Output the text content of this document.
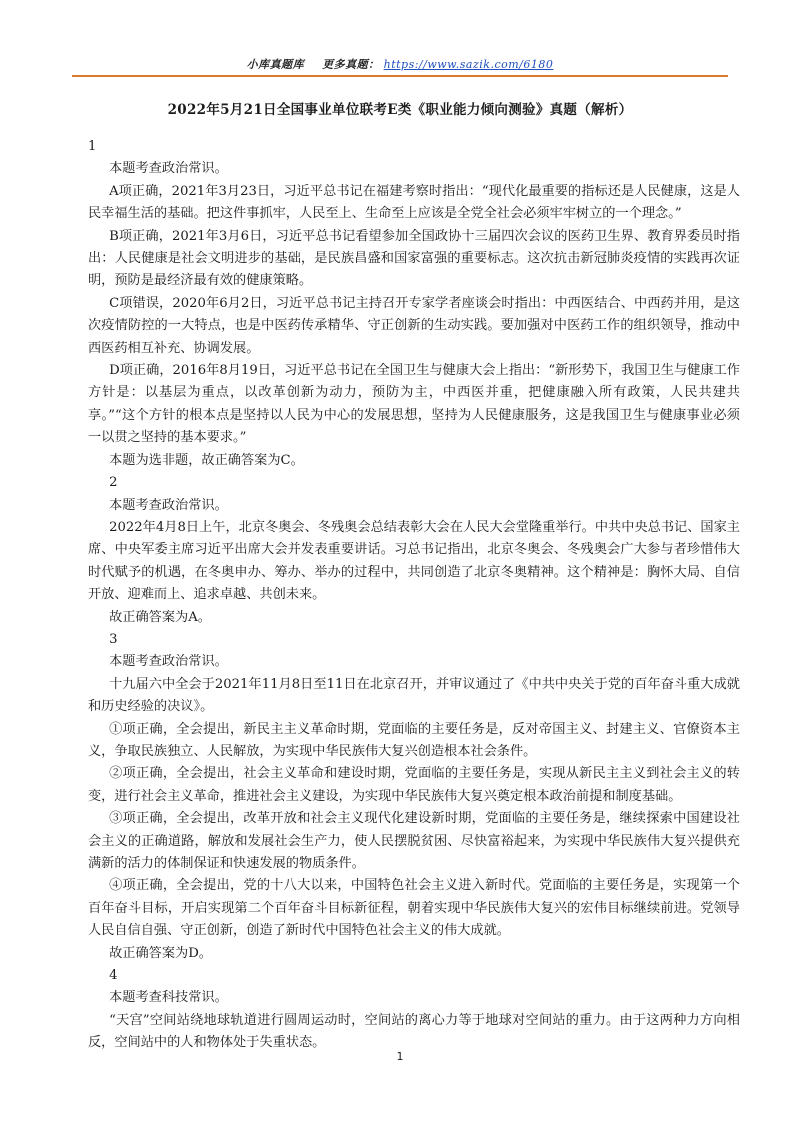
小库真题库 更多真题： https://www.sazik.com/6180
2022年5月21日全国事业单位联考E类《职业能力倾向测验》真题（解析）

1

本题考查政治常识。

A项正确，2021年3月23日，习近平总书记在福建考察时指出：“现代化最重要的指标还是人民健康，这是人民幸福生活的基础。把这件事抓牢，人民至上、生命至上应该是全党全社会必须牢牢树立的一个理念。”

B项正确，2021年3月6日，习近平总书记看望参加全国政协十三届四次会议的医药卫生界、教育界委员时指出：人民健康是社会文明进步的基础，是民族昌盛和国家富强的重要标志。这次抗击新冠肺炎疫情的实践再次证明，预防是最经济最有效的健康策略。

C项错误，2020年6月2日，习近平总书记主持召开专家学者座谈会时指出：中西医结合、中西药并用，是这次疫情防控的一大特点，也是中医药传承精华、守正创新的生动实践。要加强对中医药工作的组织领导，推动中西医药相互补充、协调发展。

D项正确，2016年8月19日，习近平总书记在全国卫生与健康大会上指出：“新形势下，我国卫生与健康工作方针是：以基层为重点，以改革创新为动力，预防为主，中西医并重，把健康融入所有政策，人民共建共享。”“这个方针的根本点是坚持以人民为中心的发展思想，坚持为人民健康服务，这是我国卫生与健康事业必须一以贯之坚持的基本要求。”

本题为选非题，故正确答案为C。

2

本题考查政治常识。

2022年4月8日上午，北京冬奥会、冬残奥会总结表彰大会在人民大会堂隆重举行。中共中央总书记、国家主席、中央军委主席习近平出席大会并发表重要讲话。习总书记指出，北京冬奥会、冬残奥会广大参与者珍惜伟大时代赋予的机遇，在冬奥申办、筹办、举办的过程中，共同创造了北京冬奥精神。这个精神是：胸怀大局、自信开放、迎难而上、追求卓越、共创未来。

故正确答案为A。

3

本题考查政治常识。

十九届六中全会于2021年11月8日至11日在北京召开，并审议通过了《中共中央关于党的百年奋斗重大成就和历史经验的决议》。

①项正确，全会提出，新民主主义革命时期，党面临的主要任务是，反对帝国主义、封建主义、官僚资本主义，争取民族独立、人民解放，为实现中华民族伟大复兴创造根本社会条件。

②项正确，全会提出，社会主义革命和建设时期，党面临的主要任务是，实现从新民主主义到社会主义的转变，进行社会主义革命，推进社会主义建设，为实现中华民族伟大复兴奠定根本政治前提和制度基础。

③项正确，全会提出，改革开放和社会主义现代化建设新时期，党面临的主要任务是，继续探索中国建设社会主义的正确道路，解放和发展社会生产力，使人民摆脱贫困、尽快富裕起来，为实现中华民族伟大复兴提供充满新的活力的体制保证和快速发展的物质条件。

④项正确，全会提出，党的十八大以来，中国特色社会主义进入新时代。党面临的主要任务是，实现第一个百年奋斗目标，开启实现第二个百年奋斗目标新征程，朝着实现中华民族伟大复兴的宏伟目标继续前进。党领导人民自信自强、守正创新，创造了新时代中国特色社会主义的伟大成就。

故正确答案为D。

4

本题考查科技常识。

“天宫”空间站绕地球轨道进行圆周运动时，空间站的离心力等于地球对空间站的重力。由于这两种力方向相反，空间站中的人和物体处于失重状态。

1
